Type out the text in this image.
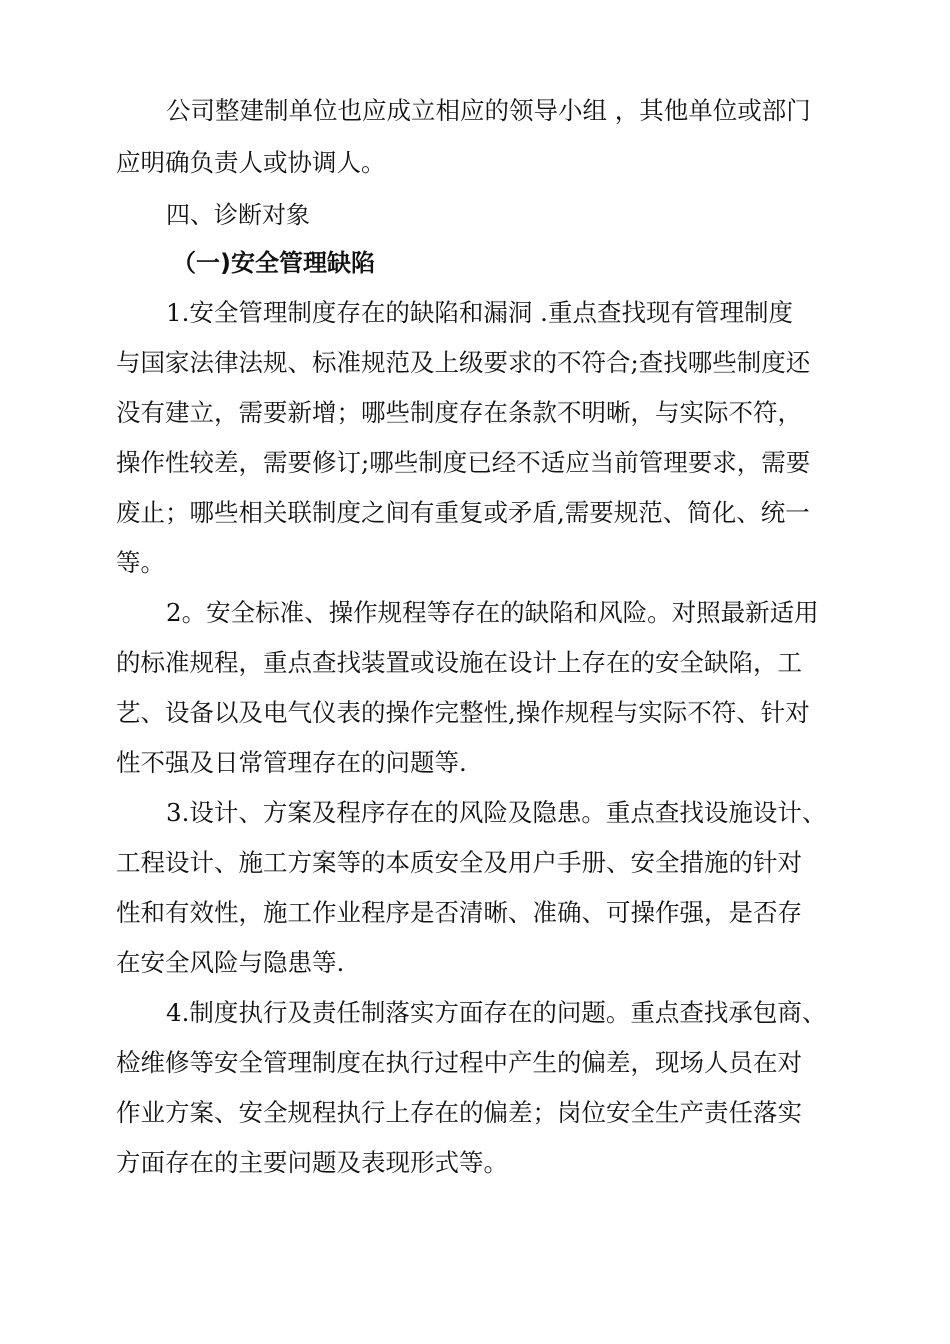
公司整建制单位也应成立相应的领导小组 ，其他单位或部门
应明确负责人或协调人。
四、诊断对象
（一)安全管理缺陷
1.安全管理制度存在的缺陷和漏洞 .重点查找现有管理制度
与国家法律法规、标准规范及上级要求的不符合;查找哪些制度还
没有建立，需要新增；哪些制度存在条款不明晰，与实际不符，
操作性较差，需要修订;哪些制度已经不适应当前管理要求，需要
废止；哪些相关联制度之间有重复或矛盾,需要规范、简化、统一
等。
2。安全标准、操作规程等存在的缺陷和风险。对照最新适用
的标准规程，重点查找装置或设施在设计上存在的安全缺陷，工
艺、设备以及电气仪表的操作完整性,操作规程与实际不符、针对
性不强及日常管理存在的问题等.
3.设计、方案及程序存在的风险及隐患。重点查找设施设计、
工程设计、施工方案等的本质安全及用户手册、安全措施的针对
性和有效性，施工作业程序是否清晰、准确、可操作强，是否存
在安全风险与隐患等.
4.制度执行及责任制落实方面存在的问题。重点查找承包商、
检维修等安全管理制度在执行过程中产生的偏差，现场人员在对
作业方案、安全规程执行上存在的偏差；岗位安全生产责任落实
方面存在的主要问题及表现形式等。
